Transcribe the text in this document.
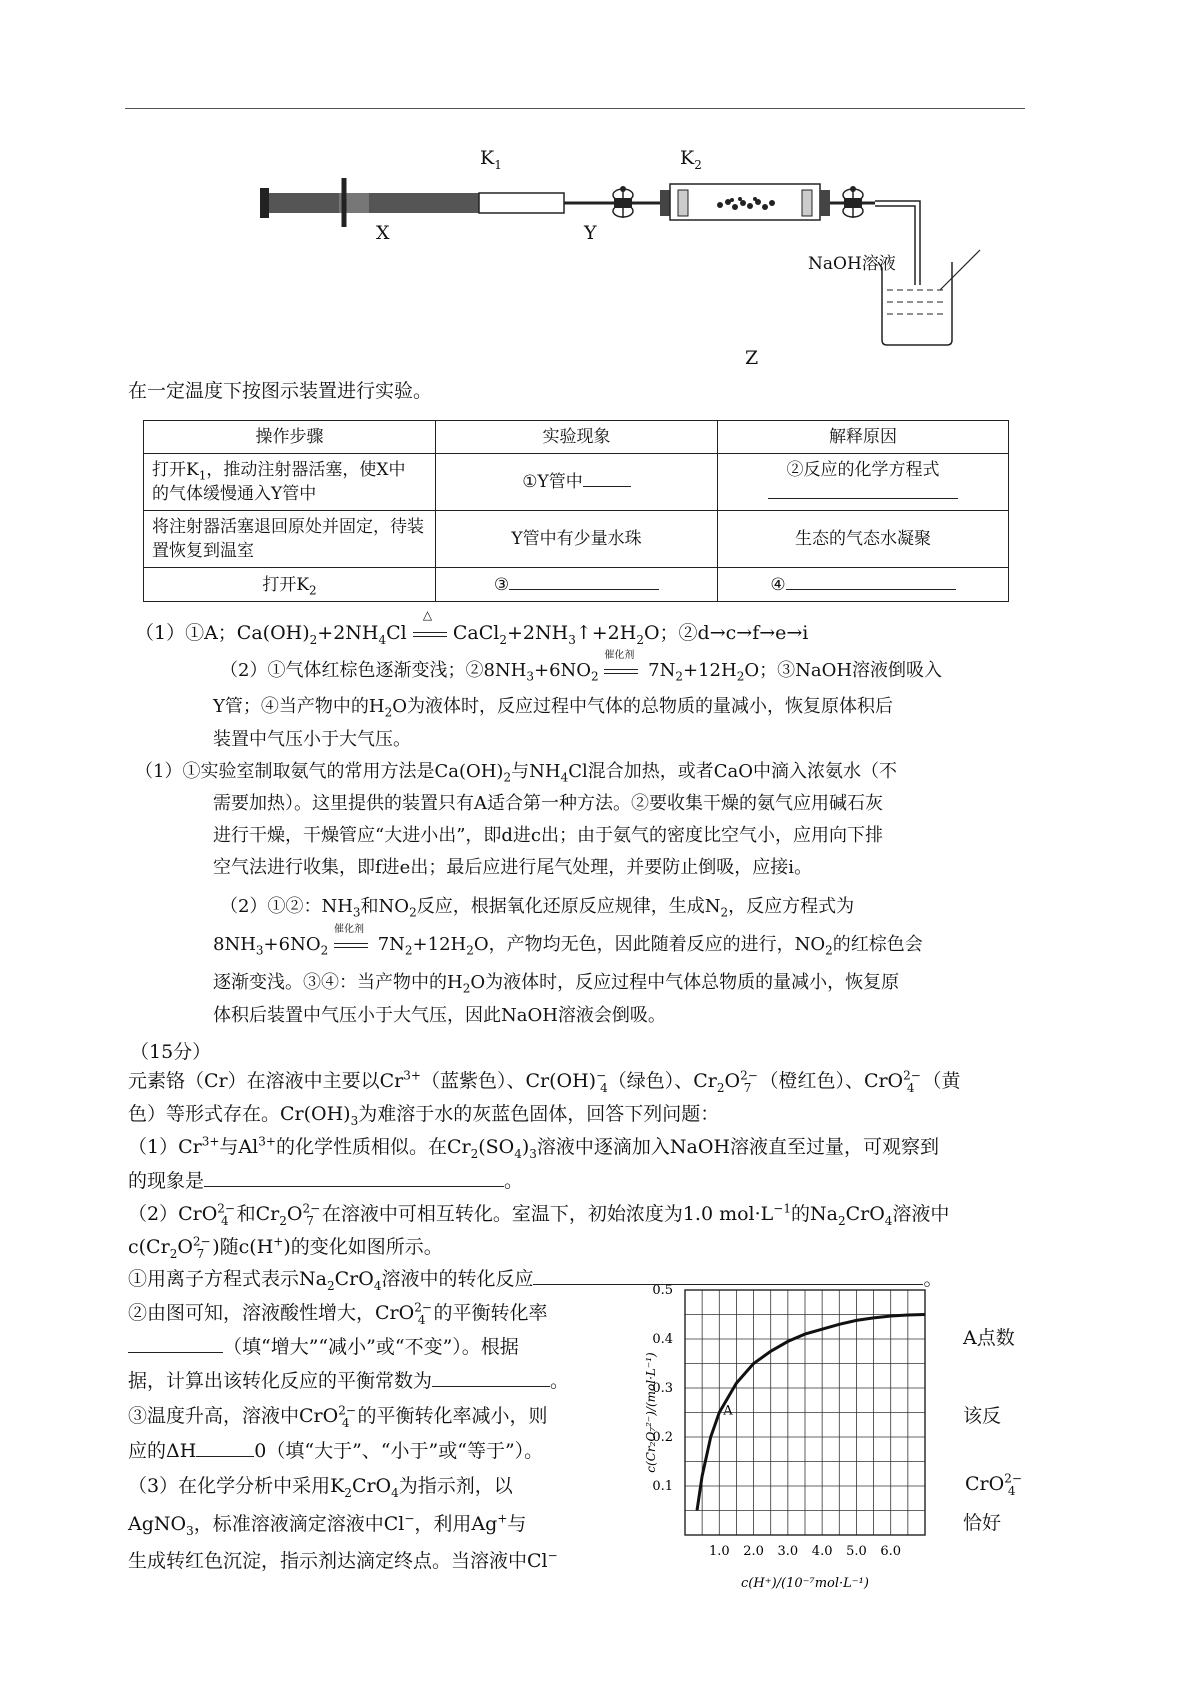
$K_1$	$K_2$
X	Y
Z
NaOH溶液
在一定温度下按图示装置进行实验。
操作步骤	实验现象	解释原因
打开$K_1$，推动注射器活塞，使X中
的气体缓慢通入Y管中	①Y管中	②反应的化学方程式

将注射器活塞退回原处并固定，待装
置恢复到温室	Y管中有少量水珠	生态的气态水凝聚
打开$K_2$	③	④
（1）①A；$Ca(OH)_2+2NH_4Cl$
△
$CaCl_2+2NH_3↑+2H_2O$；②d→c→f→e→i
（2）①气体红棕色逐渐变浅；$②8NH_3+6NO_2$
催化剂
$7N_2+12H_2O$；③NaOH溶液倒吸入
Y管；④当产物中的$H_2O$为液体时，反应过程中气体的总物质的量减小，恢复原体积后
装置中气压小于大气压。
（1）①实验室制取氨气的常用方法是$Ca(OH)_2$与$NH_4Cl$混合加热，或者CaO中滴入浓氨水（不
需要加热）。这里提供的装置只有A适合第一种方法。②要收集干燥的氨气应用碱石灰
进行干燥，干燥管应“大进小出”，即d进c出；由于氨气的密度比空气小，应用向下排
空气法进行收集，即f进e出；最后应进行尾气处理，并要防止倒吸，应接i。
（2）①②：$NH_3$和$NO_2$反应，根据氧化还原反应规律，生成$N_2$，反应方程式为
$8NH_3+6NO_2$
催化剂
$7N_2+12H_2O$，产物均无色，因此随着反应的进行，$NO_2$的红棕色会
逐渐变浅。③④：当产物中的$H_2O$为液体时，反应过程中气体总物质的量减小，恢复原
体积后装置中气压小于大气压，因此NaOH溶液会倒吸。
（15分）
元素铬（Cr）在溶液中主要以$Cr^{3+}$（蓝紫色）、$Cr(OH)^-_4$（绿色）、$Cr_2O^{2-}_7$ （橙红色）、CrO$^{2-}_4$ （黄
色）等形式存在。$Cr(OH)_3$为难溶于水的灰蓝色固体，回答下列问题：
$(1)Cr^{3+}$与$Al^{3+}$的化学性质相似。在$Cr_2(SO_4)_3$溶液中逐滴加入NaOH溶液直至过量，可观察到
的现象是	。
（2）CrO$^{2-}_4$ 和$Cr_2O^{2-}_7$ 在溶液中可相互转化。室温下，初始浓度为1.0 $mol\cdot L^{-1}$的$Na_2CrO_4$溶液中
$c(Cr_2O^{2-}_7$ )随c(H+)的变化如图所示。
①用离子方程式表示$Na_2CrO_4$溶液中的转化反应	。
②由图可知，溶液酸性增大，CrO$^{2-}_4$ 的平衡转化率
（填“增大”“减小”或“不变”）。根据
据，计算出该转化反应的平衡常数为	。
③温度升高，溶液中CrO$^{2-}_4$ 的平衡转化率减小，则
应的ΔH	0（填“大于”、“小于”或“等于”）。
（3）在化学分析中采用$K_2CrO_4$为指示剂，以
AgNO$_3$，标准溶液滴定溶液中Cl−，利用Ag+与
生成转红色沉淀，指示剂达滴定终点。当溶液中Cl−
A点数
该反
CrO$^{2-}_4$
恰好
1.0 2.0 3.0 4.0 5.0 6.0
0.1
0.2
0.3
0.4
0.5
A
c(H⁺)/(10⁻⁷mol·L⁻¹)
c(Cr₂O₇²⁻)/(mol·L⁻¹)
